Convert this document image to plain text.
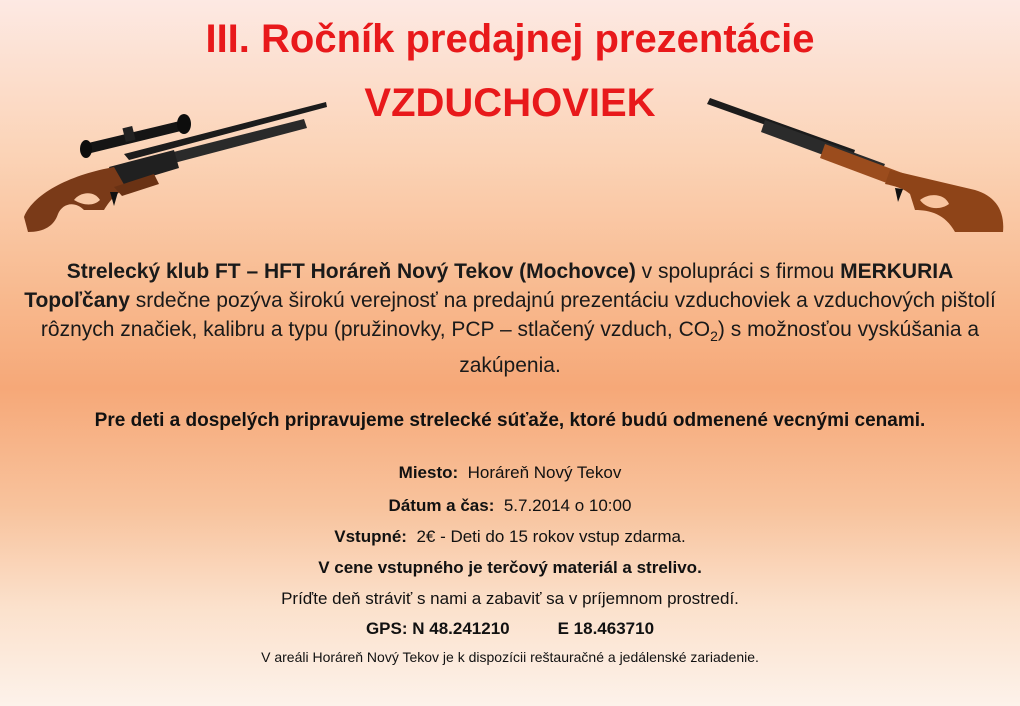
III. Ročník predajnej prezentácie
VZDUCHOVIEK
Strelecký klub FT – HFT Horáreň Nový Tekov (Mochovce) v spolupráci s firmou MERKURIA Topoľčany srdečne pozýva širokú verejnosť na predajnú prezentáciu vzduchoviek a vzduchových pištolí rôznych značiek, kalibru a typu (pružinovky, PCP – stlačený vzduch, $CO_2$) s možnosťou vyskúšania a zakúpenia.
Pre deti a dospelých pripravujeme strelecké súťaže, ktoré budú odmenené vecnými cenami.
Miesto: Horáreň Nový Tekov
Dátum a čas: 5.7.2014 o 10:00
Vstupné: 2€ - Deti do 15 rokov vstup zdarma.
V cene vstupného je terčový materiál a strelivo.
Príďte deň stráviť s nami a zabaviť sa v príjemnom prostredí.
GPS: N 48.241210	E 18.463710
V areáli Horáreň Nový Tekov je k dispozícii reštauračné a jedálenské zariadenie.
